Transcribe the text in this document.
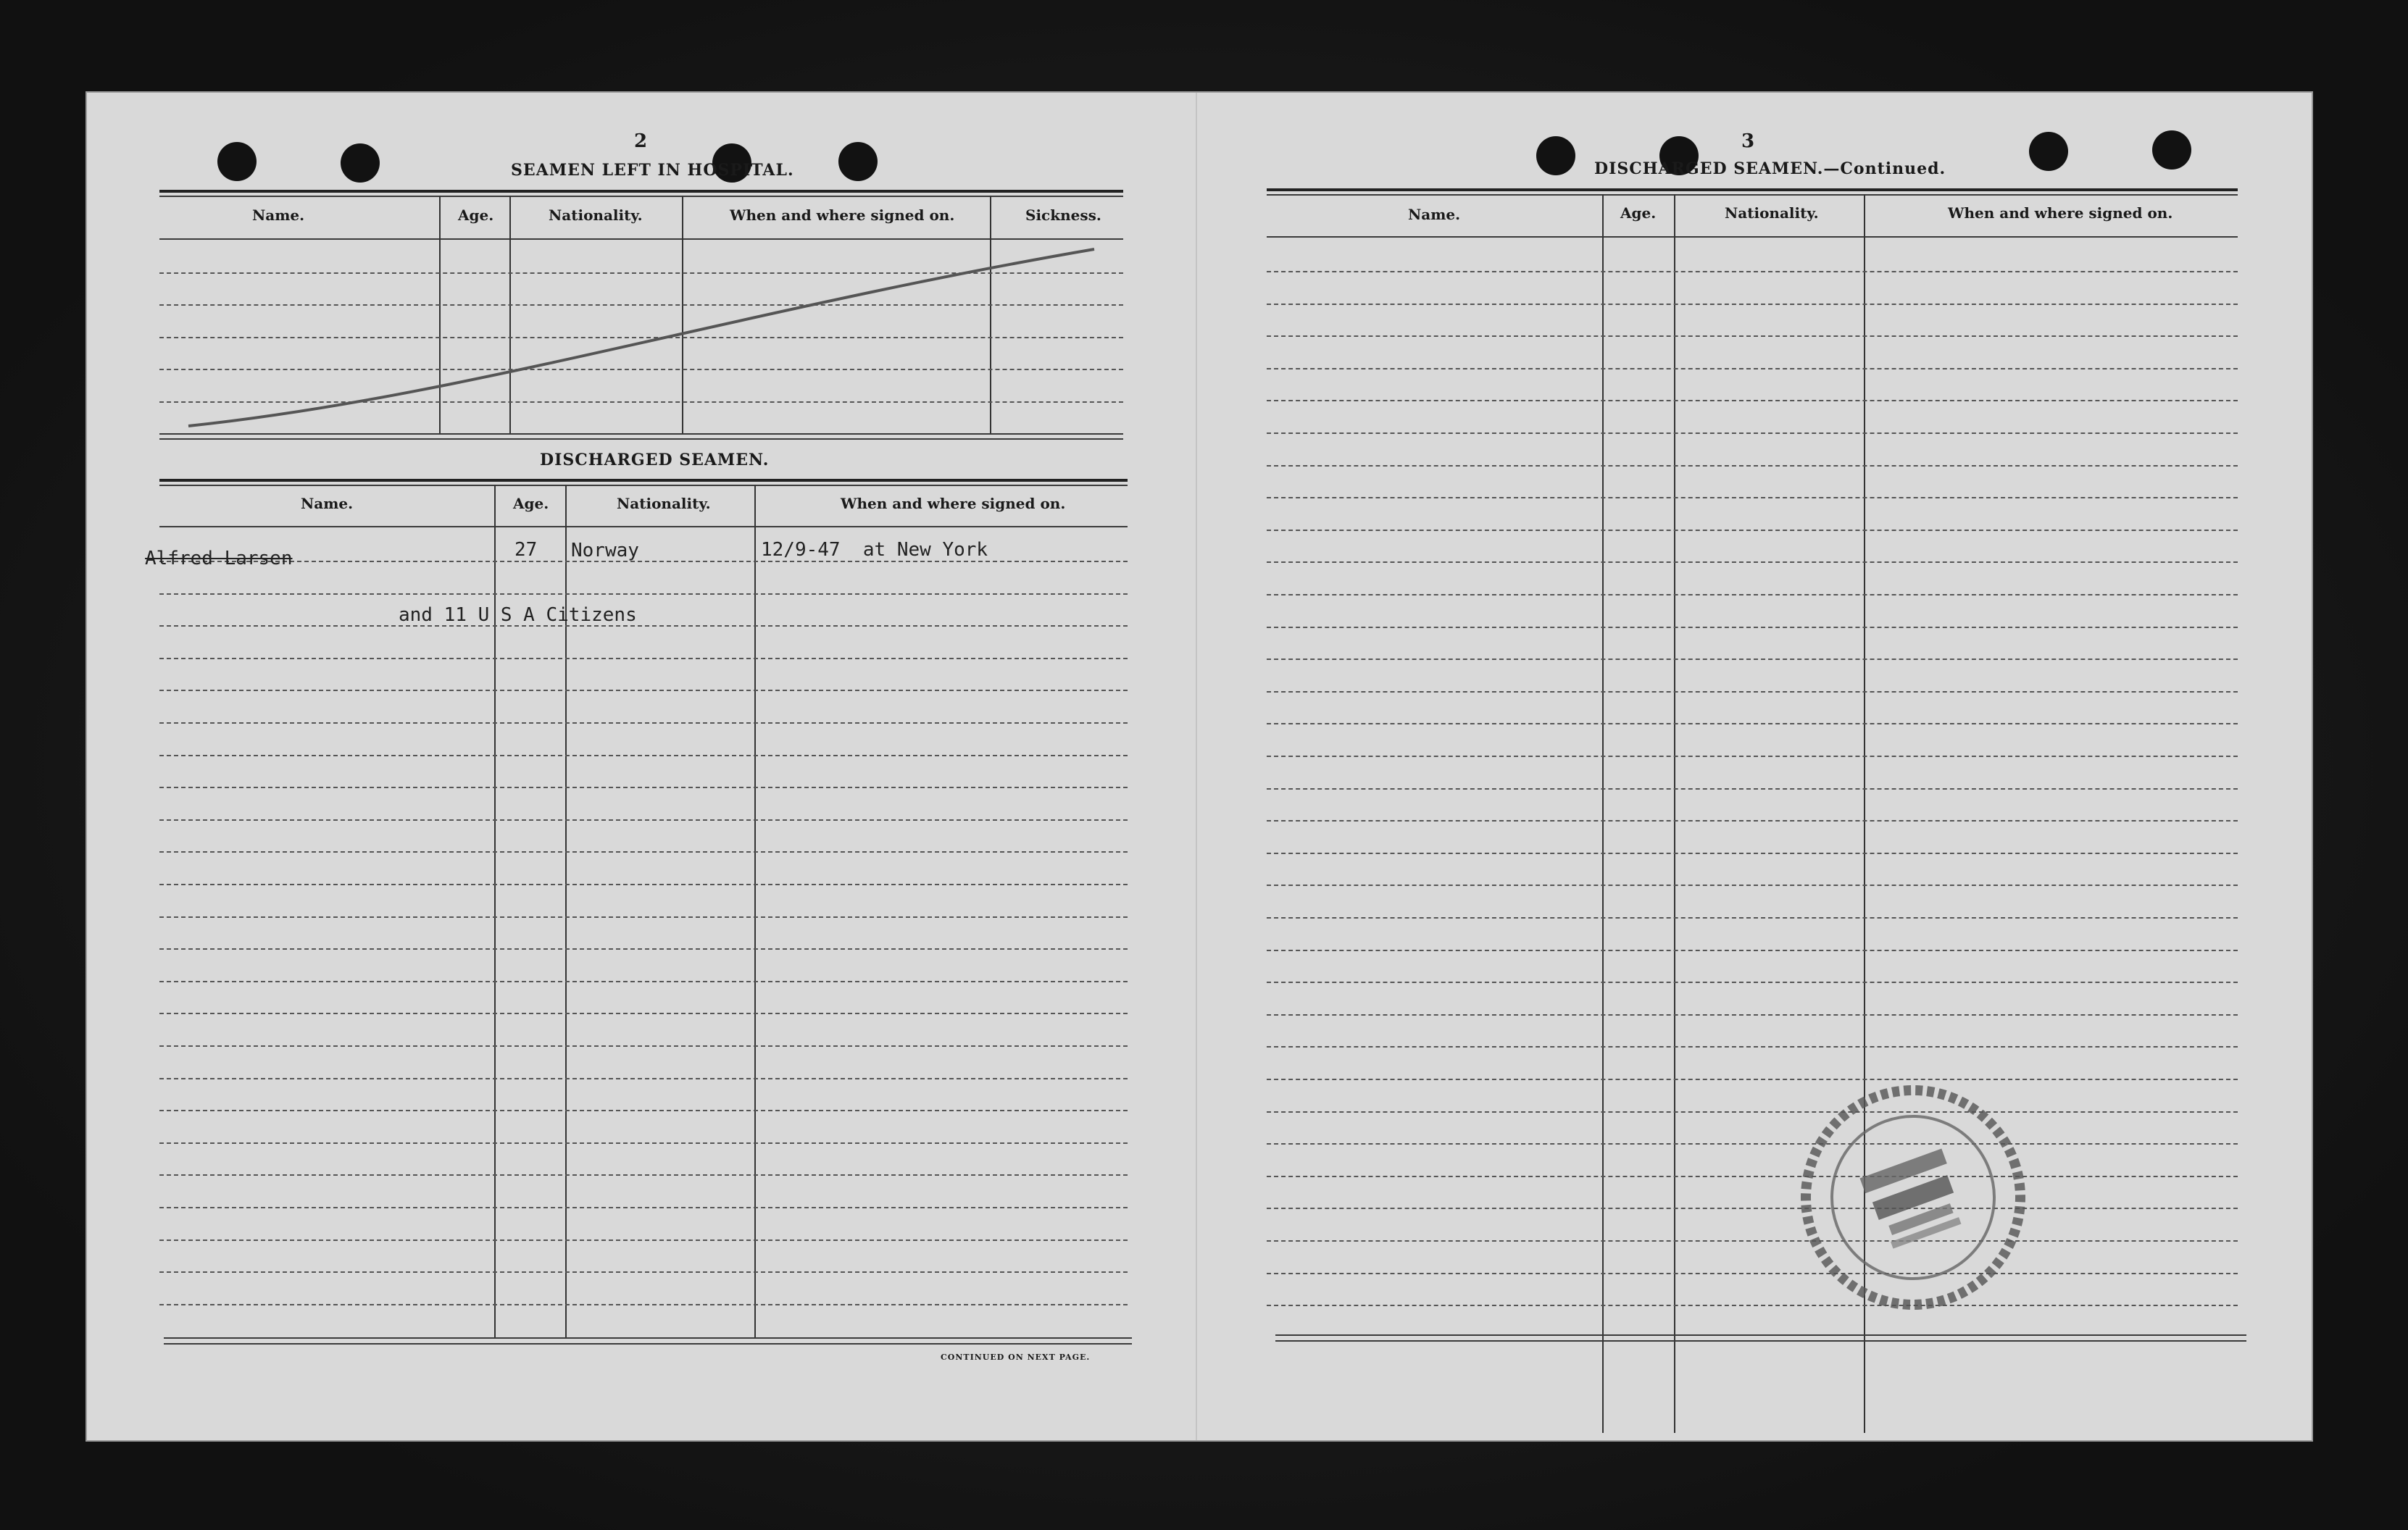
2
SEAMEN LEFT IN HOSPITAL.
Name.	Age.	Nationality.	When and where signed on.	Sickness.
DISCHARGED SEAMEN.
Name.	Age.	Nationality.	When and where signed on.
Alfred Larsen	27 Norway	12/9-47  at New York
and 11 U S A Citizens
CONTINUED ON NEXT PAGE.
3
DISCHARGED SEAMEN.—Continued.
Name.	Age.	Nationality.	When and where signed on.
